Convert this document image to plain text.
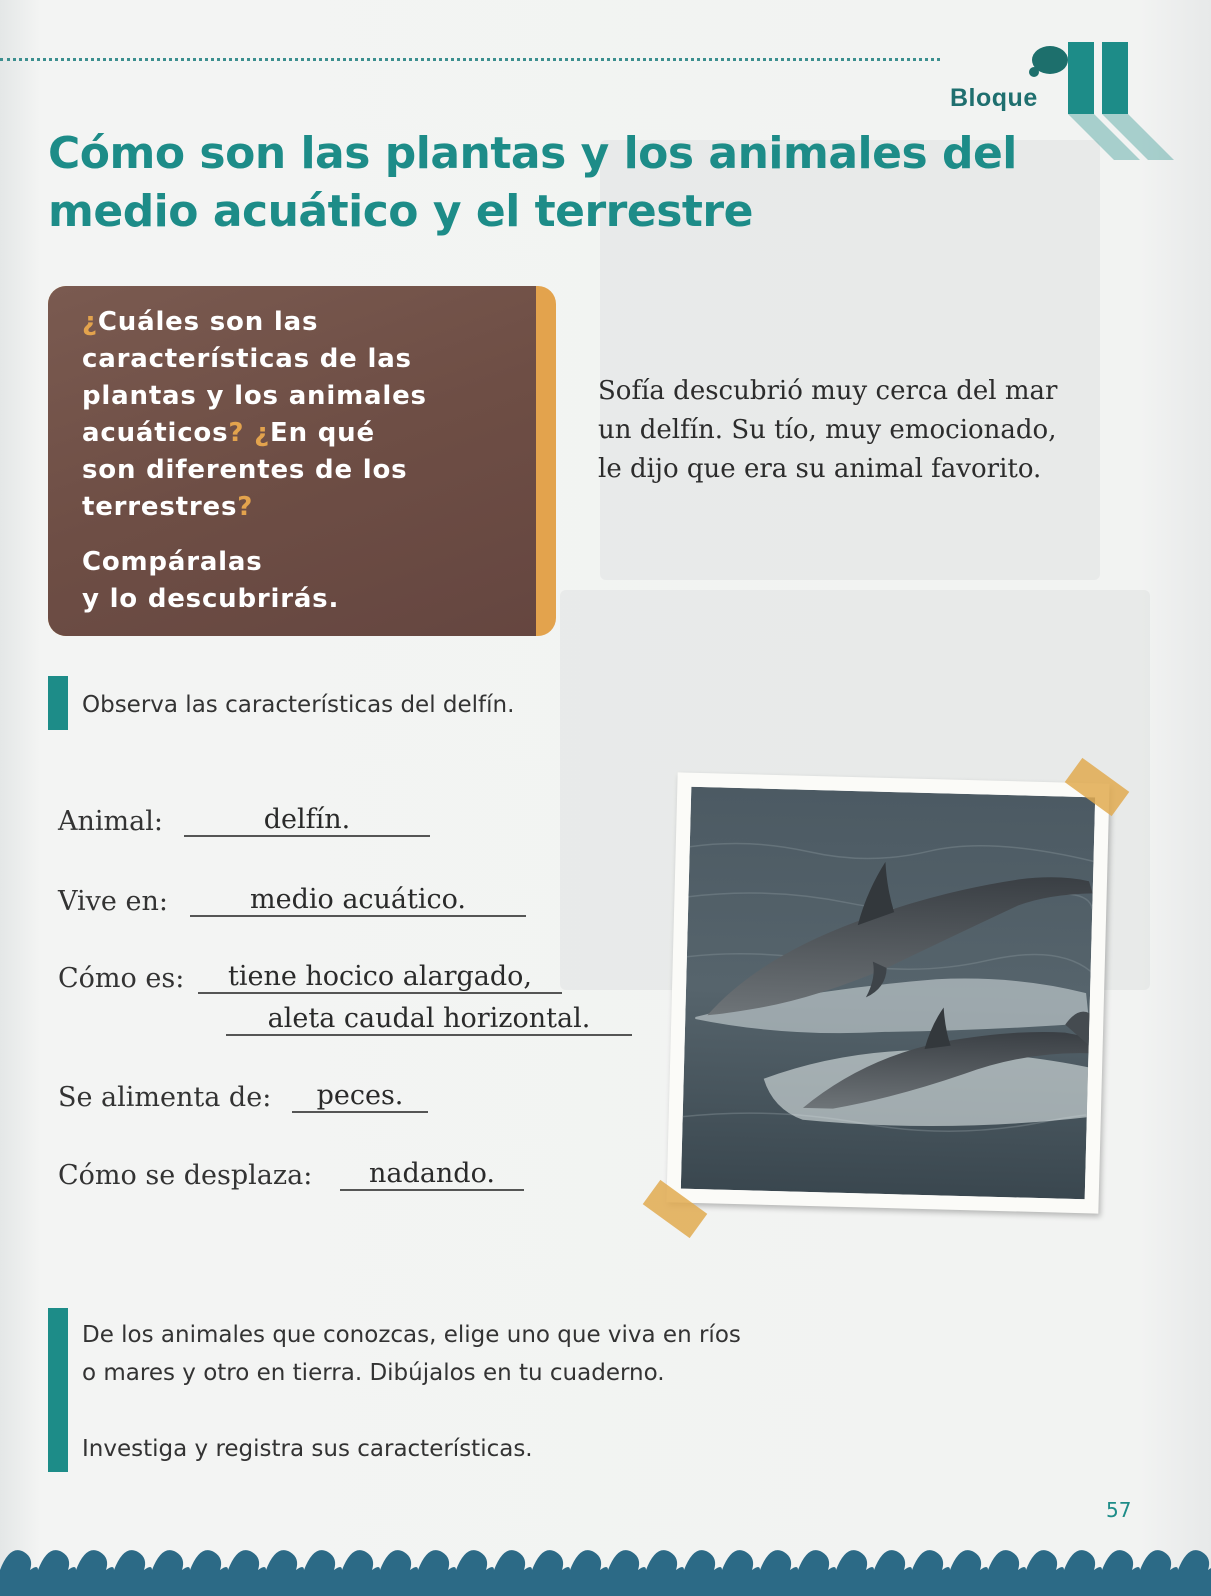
Bloque
Cómo son las plantas y los animales del medio acuático y el terrestre

¿Cuáles son las
características de las
plantas y los animales
acuáticos? ¿En qué
son diferentes de los
terrestres?

Compáralas
y lo descubrirás.

Sofía descubrió muy cerca del mar un delfín. Su tío, muy emocionado, le dijo que era su animal favorito.

Observa las características del delfín.

Animal:	delfín.
Vive en:	medio acuático.
Cómo es:	tiene hocico alargado,
aleta caudal horizontal.
Se alimenta de:	peces.
Cómo se desplaza:	nadando.

De los animales que conozcas, elige uno que viva en ríos
o mares y otro en tierra. Dibújalos en tu cuaderno.

Investiga y registra sus características.

57
